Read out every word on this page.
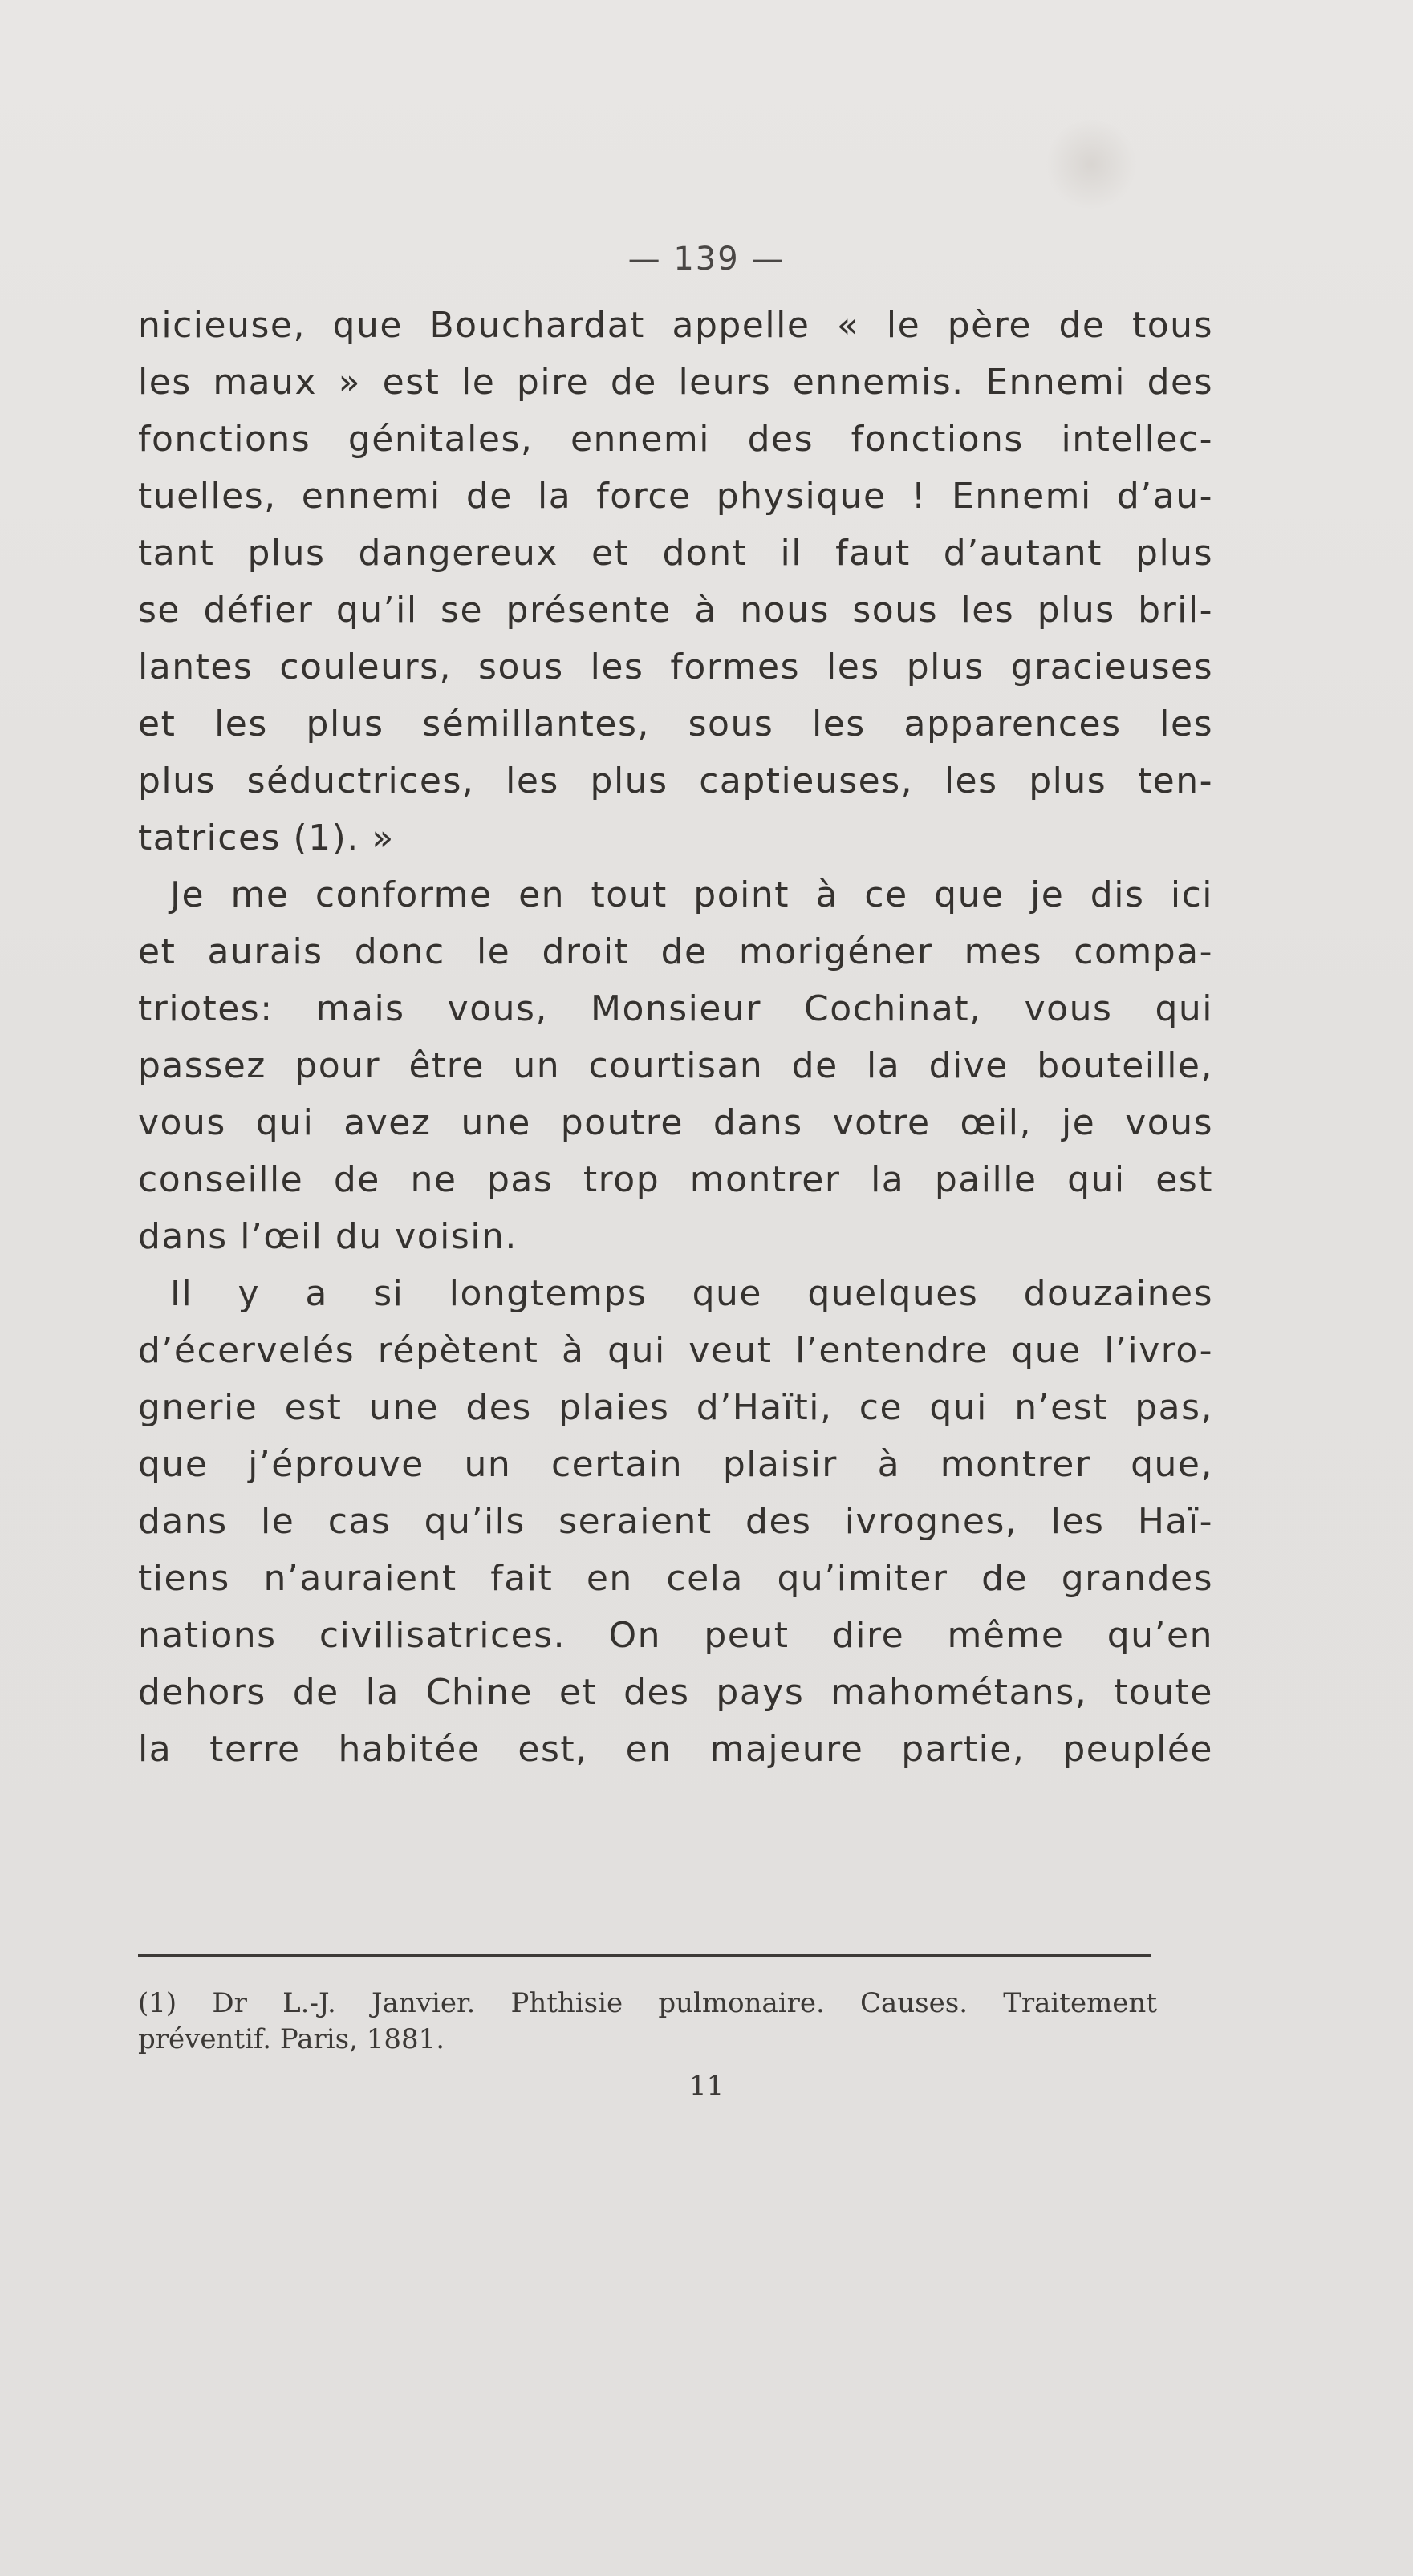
— 139 —
nicieuse, que Bouchardat appelle « le père de tous
les maux » est le pire de leurs ennemis. Ennemi des
fonctions génitales, ennemi des fonctions intellec-
tuelles, ennemi de la force physique ! Ennemi d’au-
tant plus dangereux et dont il faut d’autant plus
se défier qu’il se présente à nous sous les plus bril-
lantes couleurs, sous les formes les plus gracieuses
et les plus sémillantes, sous les apparences les
plus séductrices, les plus captieuses, les plus ten-
tatrices (1). »
Je me conforme en tout point à ce que je dis ici
et aurais donc le droit de morigéner mes compa-
triotes: mais vous, Monsieur Cochinat, vous qui
passez pour être un courtisan de la dive bouteille,
vous qui avez une poutre dans votre œil, je vous
conseille de ne pas trop montrer la paille qui est
dans l’œil du voisin.
Il y a si longtemps que quelques douzaines
d’écervelés répètent à qui veut l’entendre que l’ivro-
gnerie est une des plaies d’Haïti, ce qui n’est pas,
que j’éprouve un certain plaisir à montrer que,
dans le cas qu’ils seraient des ivrognes, les Haï-
tiens n’auraient fait en cela qu’imiter de grandes
nations civilisatrices. On peut dire même qu’en
dehors de la Chine et des pays mahométans, toute
la terre habitée est, en majeure partie, peuplée
(1) Dr L.-J. Janvier. Phthisie pulmonaire. Causes. Traitement
préventif. Paris, 1881.
11
